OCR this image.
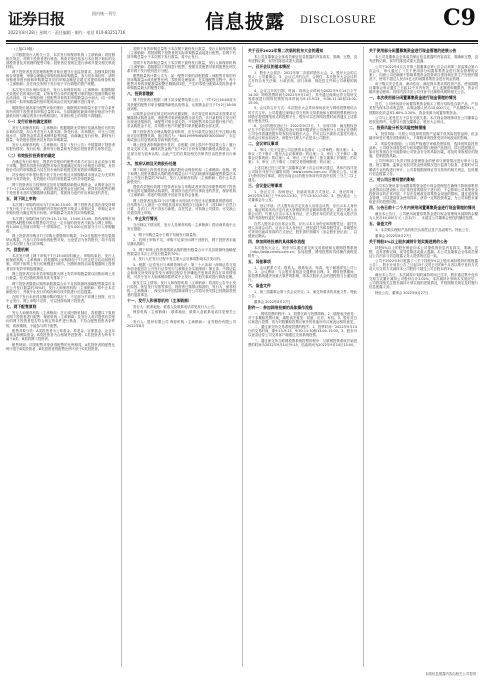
证券日报	国内统一刊号
2022年8月28日 星期六 · 责任编辑 · 制作 · 电话 010-83251716	信息披露 DISCLOSURE	C9

（上接C10版）

公司根据发行人相关公告，本次发行的保荐机构（主承销商）将按照相关规定，对网下投资者进行核查，核查对象包括参与本次网下询价的全部投资者及其管理的配售对象。投资者应按规定进行承诺并提交相关核查材料。

网下投资者及其管理的配售对象应遵守行业监管要求，加强风险控制和合规管理，审慎合理确定申购价格和申购数量。参与初步询价时，请特别留意申报价格和申购数量对应的申购金额是否超过其提供给保荐机构（主承销商）及在深交所网下发行电子平台填报的资产规模。

本次发行初步询价结束后，发行人和保荐机构（主承销商）根据剔除无效报价后的询价结果，对所有符合条件的配售对象的报价按照申购价格由高到低、同一申购价格上按配售对象的拟申购数量由小到大、同一申购价格同一拟申购数量的按申报时间由后到先的顺序进行排序。

剔除报价最高部分配售对象的报价，剔除的拟申购量不低于符合条件的所有网下投资者拟申购总量的1%。当拟剔除的最高申报价格部分中的最低价格与确定的发行价格相同时，对该价格上的申报不再剔除。

（一）发行价格的确定原则

发行人和保荐机构（主承销商）根据剔除无效报价及最高报价后的初步询价结果，综合考虑发行人基本面、所处行业、市场情况、可比公司估值水平、募集资金需求及承销风险等因素，协商确定发行价格、最终发行数量、有效报价投资者及有效拟申购数量。

发行人和保荐机构（主承销商）将在《发行公告》中披露网下投资者的报价情况、发行价格、最终发行数量和有效报价投资者的名单等信息。

（二）有效报价投资者的确定

在确定发行价格后，提供有效报价的配售对象方可参与且必须参与网下申购。提供有效报价的配售对象应按照确定的发行价格进行申购，有效报价对应的申购数量为其在初步询价阶段提交的有效拟申购数量。

初步询价中申报价格不低于发行价格且未被剔除或未被认定为无效的报价为有效报价，有效报价对应的申报数量为有效申报数量。

网下投资者应当按照规定及时足额缴纳新股认购资金，认购资金应当于T+2日16:00前到账。请投资者注意资金在途时间。获得初步配售的网下投资者未及时足额缴纳认购款的，将被视为违约并应承担违约责任。

五、网下网上申购

本次网下申购的时间为T日9:30-15:00。网下投资者必须在深交所网下发行电子平台为其管理的有效报价配售对象录入申购记录，申购记录中申购价格为确定的发行价格，申购数量为其有效拟申购数量。

本次网上申购时间为T日9:15-11:30、13:00-15:00。持有深圳市场非限售A股股份和非限售存托凭证一定市值的投资者才能参与网上申购。每5,000元市值可申购一个申购单位，不足5,000元的部分不计入申购额度。

网上投资者申购日T日申购无需缴纳申购款，T+2日根据中签结果缴纳认购款。凡参与初步询价的配售对象，无论是否为有效报价，均不得再参与本次网上发行的申购。

六、回拨机制

本次发行网上网下申购于T日15:00同时截止。申购结束后，发行人和保荐机构（主承销商）将根据网上申购情况于T日决定是否启动回拨机制，对网下和网上发行的规模进行调节。回拨机制的启动将根据网上投资者初步有效申购倍数确定。

网上投资者初步有效申购倍数为网上有效申购数量除以回拨前网上发行数量。有关回拨机制的具体安排如下：

网下投资者缴款认购的新股数量合计不足扣除最终战略配售数量后本次公开发行数量的70%时，发行人和保荐机构（主承销商）将中止本次新股发行，并就中止发行的原因和后续安排进行信息披露。

在网下发行未获得足额申购的情况下，不足部分不向网上回拨，应当中止发行。网上申购不足时，可以回拨给网下投资者。

七、网下配售原则

发行人和保荐机构（主承销商）在完成回拨机制后，将根据以下原则对网下投资者进行配售：保荐机构（主承销商）及发行人将对提供有效报价的网下投资者是否符合规定的条件进行核查，不符合配售投资者条件的，将被剔除，不能参与网下配售。

配售对象分类：A类投资者为公募基金、养老金、社保基金、企业年金基金和保险资金；B类投资者为合格境外投资者；C类投资者为所有不属于A类、B类的网下投资者。

配售规则：同类配售对象获得配售的比例相同，A类投资者的配售比例不低于B类投资者，B类投资者的配售比例不低于C类投资者。

若网下有效申购总量等于本次网下最终发行数量，发行人和保荐机构（主承销商）将按照网下投资者的实际申购数量直接进行配售。若网下有效申购总量小于本次网下发行数量，将中止发行。

若网下有效申购总量大于本次网下最终发行数量，发行人和保荐机构（主承销商）将根据以下原则进行配售，按照各类配售对象的配售比例关系对网下发行股份进行分配。

配售数量的计算公式为：某一配售对象的获配股数＝该配售对象的有效申购数量×该类配售比例。零股的处理原则：在实施配售过程中，每个配售对象的获配数量取整后精确到1股，产生的零股分配给A类投资者中申购数量最大的配售对象。

八、投资者缴款

网下投资者应根据《网下初步配售结果公告》，于T+2日16:00前为其获配的配售对象全额缴纳新股认购资金，认购资金应当于T+2日16:00前到账。

认购资金应该在规定时间内足额到账，未在规定时间内或未按要求足额缴纳认购资金的，该配售对象获配新股全部无效。多只新股同日发行时出现前述情形的，该配售对象全部无效。不同配售对象共用银行账户的，若认购资金不足，共用银行账户的配售对象获配新股全部无效。

网下投资者在办理认购资金划转时，应在付款凭证备注栏中注明认购所对应的股票代码，备注格式为："B001999906WXFX000000"，未注明或备注信息错误将导致划款失败。

网上投资者申购新股中签后，应根据《网上摇号中签结果公告》履行资金交收义务，确保其资金账户在T+2日日终有足额的新股认购资金，不足部分视为放弃认购，由此产生的后果及相关法律责任由投资者自行承担。

九、放弃认购及无效股份处理

网下和网上投资者放弃认购的股份由保荐机构（主承销商）包销。网下和网上投资者缴款认购的股份数量合计不足扣除最终战略配售数量后本次公开发行数量的70%时，发行人和保荐机构（主承销商）将中止本次新股发行。

提供有效报价的网下投资者未参与申购或者获得初步配售的网下投资者未及时足额缴纳认购款的，将被视为违约并应承担违约责任，保荐机构（主承销商）将违约情况报中国证券业协会备案。

网上投资者连续12个月内累计出现3次中签后未足额缴款的情形时，自结算参与人最近一次申报其放弃认购的次日起6个月（按180个自然日计算，含次日）内不得参与新股、存托凭证、可转换公司债券、可交换公司债券网上申购。

十、中止发行情况

当出现以下情况时，发行人及保荐机构（主承销商）将协商采取中止发行措施：

1、网下申购总量小于网下初始发行数量的；

2、若网上申购不足，申购不足部分向网下回拨后，网下投资者未能足额认购的；

3、网下和网上投资者缴款认购的股份数量合计不足扣除最终战略配售数量后本次公开发行数量的70%；

4、发行人在发行过程中发生重大会后事项影响本次发行的；

5、根据《证券发行与承销管理办法》第三十六条和《深圳证券交易所创业板首次公开发行证券发行与承销业务实施细则》第五条，中国证监会和深交所发现证券发行承销过程存在涉嫌违法违规或者存在异常情形的，可责令发行人和承销商暂停或中止发行，对相关事项进行调查处理。

如发生以上情形，发行人和保荐机构（主承销商）将及时公告中止发行原因、恢复发行安排等事宜。投资者已缴纳认购款的，发行人、保荐机构（主承销商）、深交所和中国结算深圳分公司将尽快安排已经缴款投资者的退款事宜。

十一、发行人和保荐机构（主承销商）

发行人：联系地址、联系人及联系电话详见发行人公告。

保荐机构（主承销商）：联系地址、联系人及联系电话详见相关公告。

发行人：股份有限公司 保荐机构（主承销商）：证券股份有限公司 2022年8月

关于召开2022年第二次临时股东大会的通知

本公司及董事会全体成员保证信息披露的内容真实、准确、完整，没有虚假记载、误导性陈述或重大遗漏。

一、召开会议的基本情况

1、股东大会届次：2022年第二次临时股东大会。2、股东大会的召集人：公司董事会。3、会议召开的合法、合规性：本次股东大会会议的召开符合有关法律、行政法规、部门规章、规范性文件和公司章程的规定。

4、会议召开的日期、时间：现场会议时间为2022年9月14日下午14:30；网络投票时间为2022年9月14日，其中通过深圳证券交易所交易系统进行网络投票的具体时间为9:15-9:25，9:30-11:30和13:00-15:00。

5、会议的召开方式：本次股东大会采用现场表决与网络投票相结合的方式召开。公司将通过深圳证券交易所交易系统和互联网投票系统向全体股东提供网络形式的投票平台，股东可以在网络投票时间内通过上述系统行使表决权。

6、会议的股权登记日：2022年9月7日。7、出席对象：截至股权登记日下午收市时在中国证券登记结算有限责任公司深圳分公司登记在册的公司全体普通股股东均有权出席股东大会，并可以以书面形式委托代理人出席会议和参加表决，该股东代理人不必是本公司股东。

二、会议审议事项

1、审议《关于变更公司注册资本及修订〈公司章程〉的议案》；2、审议《关于修订〈股东大会议事规则〉的议案》；3、审议《关于修订〈董事会议事规则〉的议案》；4、审议《关于修订〈独立董事工作制度〉的议案》；5、审议《关于修订〈关联交易管理制度〉的议案》。

上述议案已经公司第三届董事会第十次会议审议通过，具体内容详见公司同日刊登于巨潮资讯网（www.cninfo.com.cn）的相关公告。议案1为特别决议事项，须经出席会议的股东所持有效表决权的三分之二以上通过。

三、会议登记等事项

1、登记方式：现场登记、信函或传真方式登记。2、登记时间：2022年9月8日上午9:00-11:30，下午13:30-17:00。3、登记地点：公司董事会办公室。

4、登记手续：法人股东由法定代表人出席会议的，应出示本人身份证、能证明其具有法定代表人资格的有效证明和持股凭证；委托代理人出席会议的，代理人应出示本人身份证、法人股东单位的法定代表人依法出具的书面授权委托书和持股凭证。

自然人股东亲自出席会议的，应出示本人身份证和持股凭证；委托代理人出席会议的，应出示本人身份证、授权委托书和持股凭证。异地股东可采用信函或传真的方式登记，股东请仔细填写《参会股东登记表》，以便登记确认。

四、参加网络投票的具体操作流程

本次股东大会上，股东可以通过深交所交易系统和互联网投票系统（http://wltp.cninfo.com.cn）参加投票，网络投票的具体操作流程见附件一。

五、其他事项

1、会议联系方式：联系人、联系电话、传真、电子邮箱详见公司公告。2、会议费用：与会股东食宿及交通费用自理。3、网络投票期间，如投票系统遇突发重大事件的影响，则本次股东大会的进程按当日通知进行。

六、备查文件

1、第三届董事会第十次会议决议；2、深交所要求的其他文件。特此公告。

董事会 2022年8月27日

附件一：参加网络投票的具体操作流程

一、网络投票的程序：1、投票代码与投票简称。2、填报表决意见：对于非累积投票议案，填报表决意见：同意、反对、弃权。3、股东对总议案进行投票，视为对除累积投票议案外的其他所有议案表达相同意见。

二、通过深交所交易系统投票的程序：1、投票时间：2022年9月14日的交易时间，即9:15-9:25，9:30-11:30和13:00-15:00。2、股东可以登录证券公司交易客户端通过交易系统投票。

三、通过深交所互联网投票系统投票的程序：互联网投票系统开始投票的时间为2022年9月14日9:15，结束时间为2022年9月14日15:00。

关于使用部分闲置募集资金进行现金管理的进展公告

本公司及董事会全体成员保证信息披露的内容真实、准确和完整，没有虚假记载、误导性陈述或重大遗漏。

公司于2022年4月召开第三届董事会第七次会议和第三届监事会第六次会议，审议通过了《关于使用部分闲置募集资金进行现金管理的议案》，同意公司在确保不影响募集资金投资项目建设和正常生产经营的情况下，使用不超过人民币5亿元的闲置募集资金进行现金管理。

用于购买安全性高、流动性好、满足保本要求的投资产品，使用期限自董事会审议通过之日起12个月内有效，在上述额度和期限内，资金可循环滚动使用。具体内容详见公司刊登于巨潮资讯网的相关公告。

一、本次使用部分闲置募集资金进行现金管理的情况

近日，公司使用部分闲置募集资金购买了银行结构性存款产品，产品类型为保本浮动收益型，认购金额人民币10,000万元，产品期限91天，预期年化收益率1.60%-3.20%，资金来源为闲置募集资金。

公司与上述受托方不存在关联关系。本次现金管理事项在公司董事会授权范围内，无需另行提交董事会、股东大会审议。

二、投资风险分析及风险控制措施

1、投资风险：尽管公司选择的投资产品属于低风险投资品种，但金融市场受宏观经济影响较大，不排除该项投资受到市场波动的影响。

2、风险控制措施：公司将严格遵守审慎投资原则，选择低风险投资品种。公司财务部将及时分析和跟踪银行理财产品投向、项目进展情况，如评估发现存在可能影响公司资金安全的风险因素，将及时采取相应的措施，控制投资风险。

公司内审部门负责对现金管理资金的使用与保管情况进行审计与监督。独立董事、监事会有权对资金使用情况进行监督与检查，必要时可以聘请专业机构进行审计。公司将根据深圳证券交易所的相关规定，及时履行信息披露义务。

三、对公司日常经营的影响

公司本次使用部分闲置募集资金进行现金管理是在确保不影响募集资金投资项目建设和公司正常经营的情况下进行的，不会影响公司募集资金投资项目的正常开展，不存在变相改变募集资金用途的情形。通过适度现金管理，可以提高资金使用效率，获得一定的投资收益，为公司和股东谋取更多的投资回报。

四、公告日前十二个月内使用闲置募集资金进行现金管理的情况

截至本公告日，公司使用闲置募集资金进行现金管理尚未到期的余额为人民币40,000万元（含本次），未超过公司董事会授权的额度范围。

五、备查文件

1、本次购买理财产品的相关认购凭证及产品说明书。特此公告。

董事会 2022年8月27日

关于持股5%以上股东减持计划实施进展的公告

持股5%以上的股东保证向本公司提供的信息内容真实、准确、完整，没有虚假记载、误导性陈述或重大遗漏。本公司及董事会全体成员保证公告内容与信息披露义务人提供的信息一致。

公司于2022年5月披露了《关于持股5%以上股东减持股份的预披露公告》，股东计划自公告之日起15个交易日后的6个月内以集中竞价方式或大宗交易方式减持本公司股份不超过公司总股本的3%。

截至本公告日，本次减持计划的减持时间已过半，股东通过集中竞价交易方式累计减持公司股份合计1.02%，本次减持计划尚未实施完毕。公司将持续关注股东减持计划实施的进展情况，并按照相关规定及时履行信息披露义务。

特此公告。董事会 2022年8月27日

本版信息披露内容由相关公司提供
